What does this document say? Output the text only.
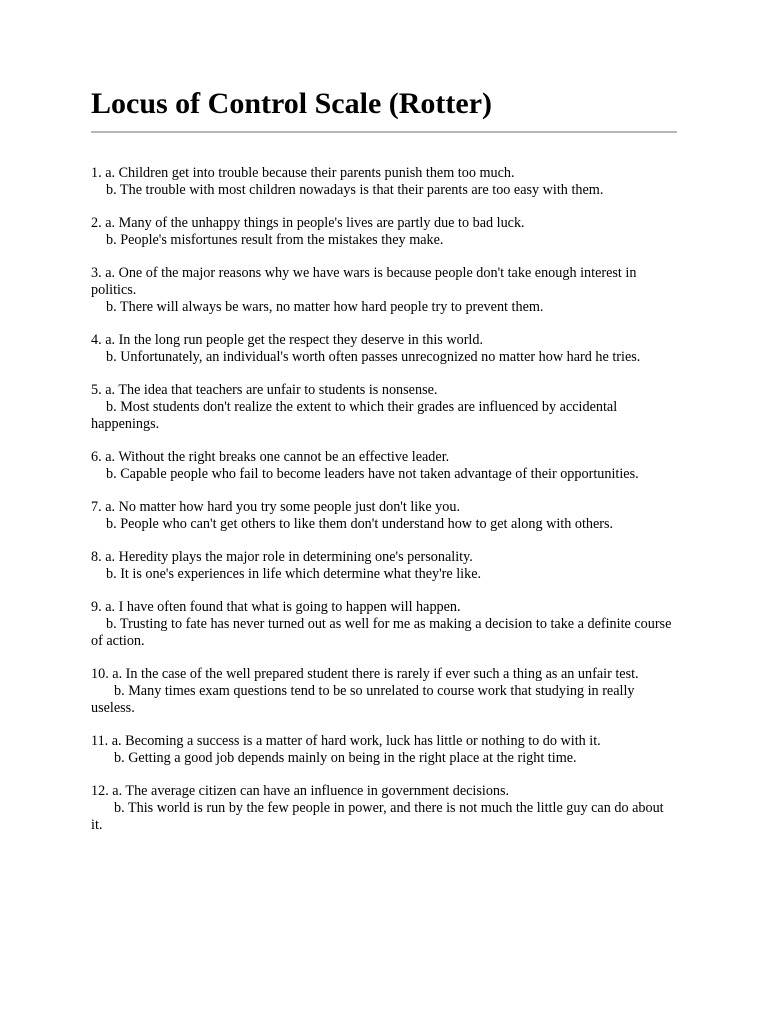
Locus of Control Scale (Rotter)
1. a. Children get into trouble because their parents punish them too much.
b. The trouble with most children nowadays is that their parents are too easy with them.
2. a. Many of the unhappy things in people's lives are partly due to bad luck.
b. People's misfortunes result from the mistakes they make.
3. a. One of the major reasons why we have wars is because people don't take enough interest in politics.
b. There will always be wars, no matter how hard people try to prevent them.
4. a. In the long run people get the respect they deserve in this world.
b. Unfortunately, an individual's worth often passes unrecognized no matter how hard he tries.
5. a. The idea that teachers are unfair to students is nonsense.
b. Most students don't realize the extent to which their grades are influenced by accidental happenings.
6. a. Without the right breaks one cannot be an effective leader.
b. Capable people who fail to become leaders have not taken advantage of their opportunities.
7. a. No matter how hard you try some people just don't like you.
b. People who can't get others to like them don't understand how to get along with others.
8. a. Heredity plays the major role in determining one's personality.
b. It is one's experiences in life which determine what they're like.
9. a. I have often found that what is going to happen will happen.
b. Trusting to fate has never turned out as well for me as making a decision to take a definite course of action.
10. a. In the case of the well prepared student there is rarely if ever such a thing as an unfair test.
b. Many times exam questions tend to be so unrelated to course work that studying in really useless.
11. a. Becoming a success is a matter of hard work, luck has little or nothing to do with it.
b. Getting a good job depends mainly on being in the right place at the right time.
12. a. The average citizen can have an influence in government decisions.
b. This world is run by the few people in power, and there is not much the little guy can do about it.
